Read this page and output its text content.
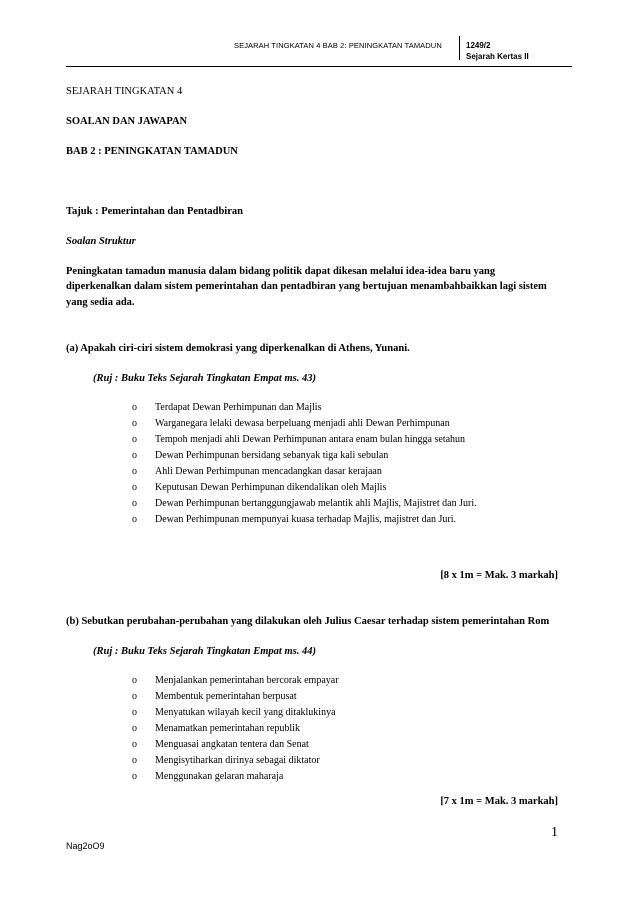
SEJARAH TINGKATAN 4 BAB 2: PENINGKATAN TAMADUN	1249/2
Sejarah Kertas II
SEJARAH TINGKATAN 4
SOALAN DAN JAWAPAN
BAB 2 : PENINGKATAN TAMADUN
Tajuk : Pemerintahan dan Pentadbiran
Soalan Struktur
Peningkatan tamadun manusia dalam bidang politik dapat dikesan melalui idea-idea baru yang
diperkenalkan dalam sistem pemerintahan dan pentadbiran yang bertujuan menambahbaikkan lagi sistem
yang sedia ada.
(a) Apakah ciri-ciri sistem demokrasi yang diperkenalkan di Athens, Yunani.
(Ruj : Buku Teks Sejarah Tingkatan Empat ms. 43)
o Terdapat Dewan Perhimpunan dan Majlis
o Warganegara lelaki dewasa berpeluang menjadi ahli Dewan Perhimpunan
o Tempoh menjadi ahli Dewan Perhimpunan antara enam bulan hingga setahun
o Dewan Perhimpunan bersidang sebanyak tiga kali sebulan
o Ahli Dewan Perhimpunan mencadangkan dasar kerajaan
o Keputusan Dewan Perhimpunan dikendalikan oleh Majlis
o Dewan Perhimpunan bertanggungjawab melantik ahli Majlis, Majistret dan Juri.
o Dewan Perhimpunan mempunyai kuasa terhadap Majlis, majistret dan Juri.
[8 x 1m = Mak. 3 markah]
(b) Sebutkan perubahan-perubahan yang dilakukan oleh Julius Caesar terhadap sistem pemerintahan Rom
(Ruj : Buku Teks Sejarah Tingkatan Empat ms. 44)
o Menjalankan pemerintahan bercorak empayar
o Membentuk pemerintahan berpusat
o Menyatukan wilayah kecil yang ditaklukinya
o Menamatkan pemerintahan republik
o Menguasai angkatan tentera dan Senat
o Mengisytiharkan dirinya sebagai diktator
o Menggunakan gelaran maharaja
[7 x 1m = Mak. 3 markah]
1
Nag2oO9
